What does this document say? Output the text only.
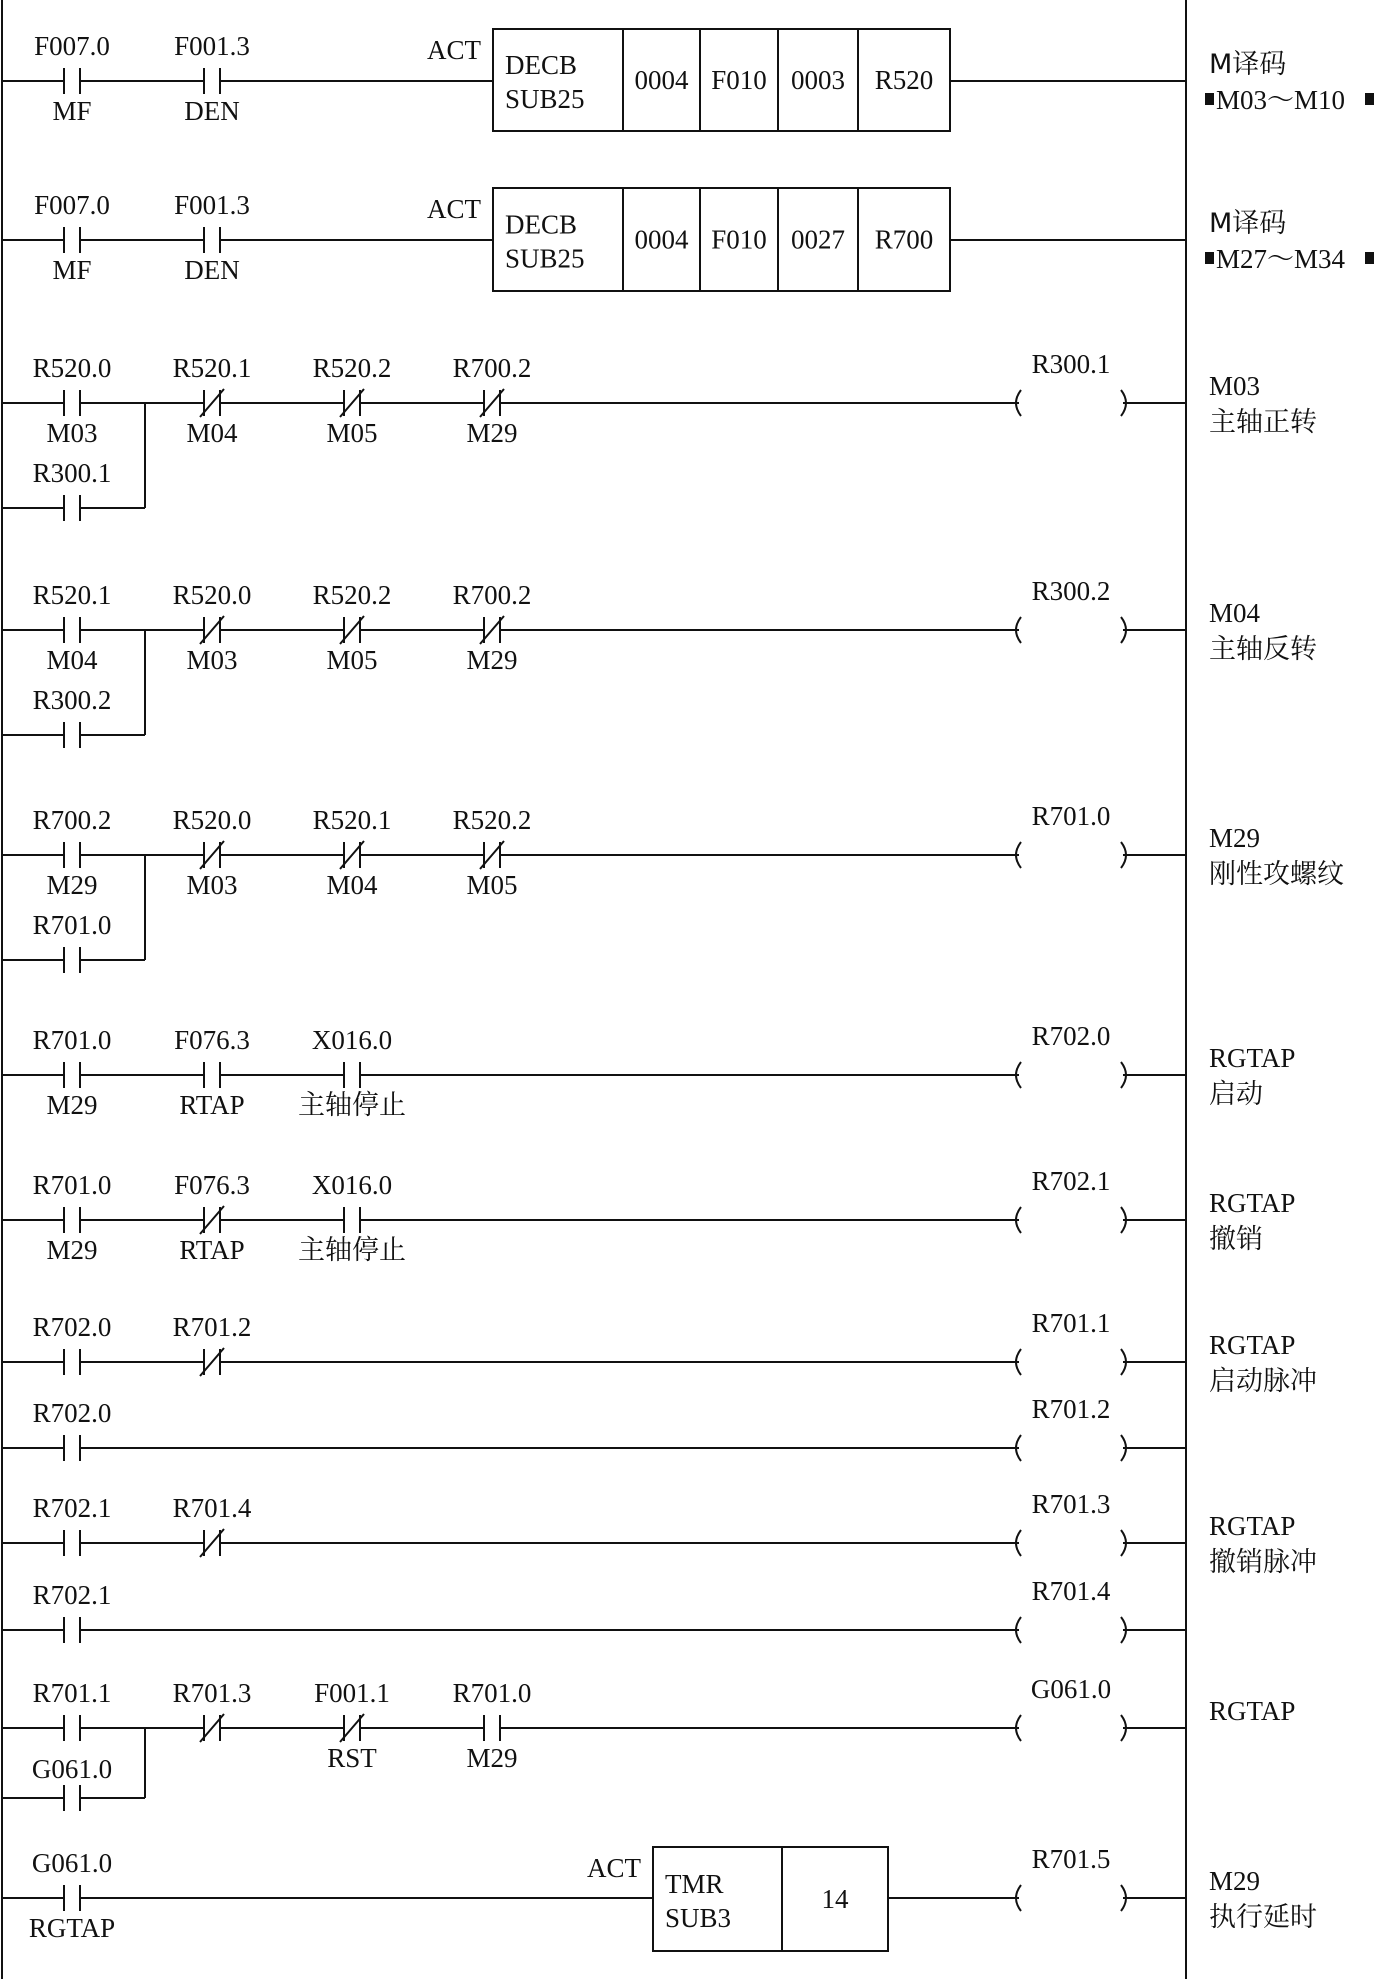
F007.0
MF
F001.3
DEN
ACT DECB
SUB25
0004 F010 0003 R520	M译码
M03～M10
F007.0
MF
F001.3
DEN
ACT
DECB
SUB25
0004 F010 0027 R700
M译码
M27～M34
R520.0
M03
R520.1
M04
R520.2
M05
R700.2
M29
R300.1
R300.1
M03
主轴正转
R520.1
M04
R520.0
M03
R520.2
M05
R700.2
M29
R300.2
R300.2
M04
主轴反转
R700.2
M29
R520.0
M03
R520.1
M04
R520.2
M05
R701.0
R701.0
M29
刚性攻螺纹
R701.0
M29
F076.3
RTAP
X016.0
主轴停止
R702.0
RGTAP
启动
R701.0
M29
F076.3
RTAP
X016.0
主轴停止
R702.1
RGTAP
撤销
R702.0 R701.2	R701.1
RGTAP
启动脉冲
R702.0	R701.2
R702.1 R701.4	R701.3
RGTAP
撤销脉冲
R702.1	R701.4
R701.1 R701.3 F001.1
RST
R701.0
M29
G061.0
G061.0
RGTAP
G061.0
RGTAP
ACT
TMR
SUB3
14
R701.5
M29
执行延时
